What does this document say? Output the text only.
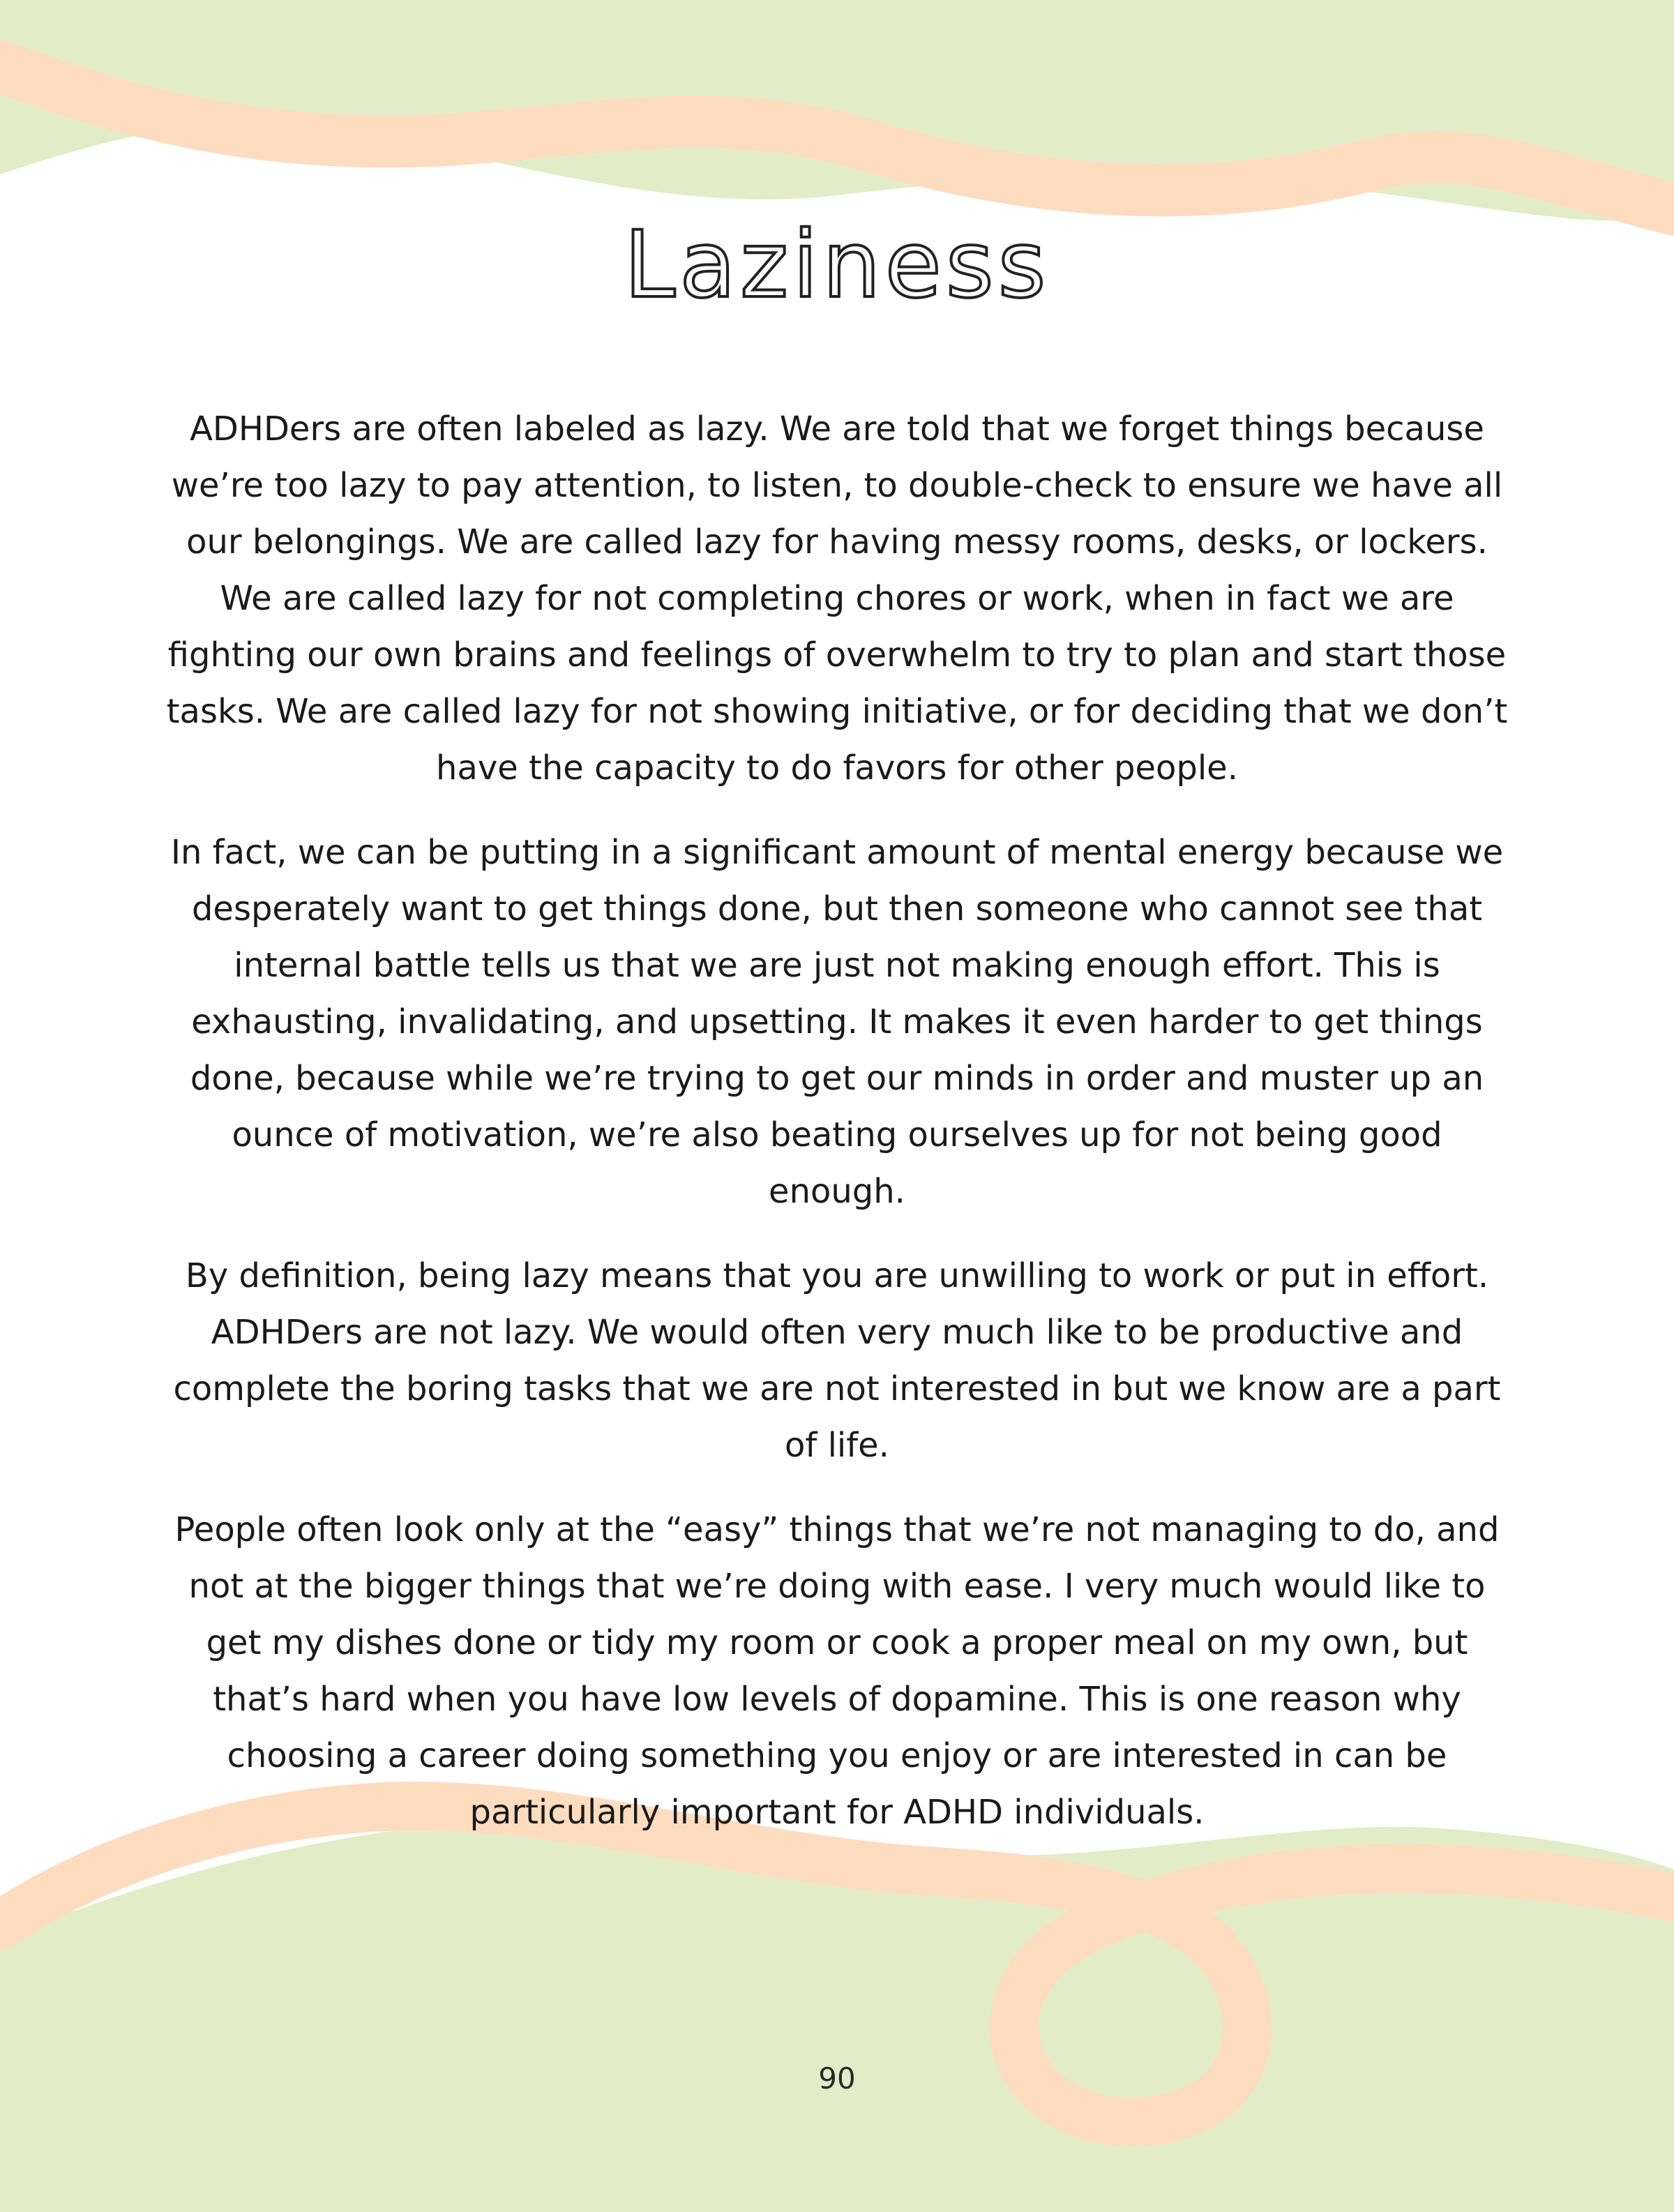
Laziness

ADHDers are often labeled as lazy. We are told that we forget things because we’re too lazy to pay attention, to listen, to double-check to ensure we have all our belongings. We are called lazy for having messy rooms, desks, or lockers. We are called lazy for not completing chores or work, when in fact we are fighting our own brains and feelings of overwhelm to try to plan and start those tasks. We are called lazy for not showing initiative, or for deciding that we don’t have the capacity to do favors for other people.

In fact, we can be putting in a significant amount of mental energy because we desperately want to get things done, but then someone who cannot see that internal battle tells us that we are just not making enough effort. This is exhausting, invalidating, and upsetting. It makes it even harder to get things done, because while we’re trying to get our minds in order and muster up an ounce of motivation, we’re also beating ourselves up for not being good enough.

By definition, being lazy means that you are unwilling to work or put in effort. ADHDers are not lazy. We would often very much like to be productive and complete the boring tasks that we are not interested in but we know are a part of life.

People often look only at the “easy” things that we’re not managing to do, and not at the bigger things that we’re doing with ease. I very much would like to get my dishes done or tidy my room or cook a proper meal on my own, but that’s hard when you have low levels of dopamine. This is one reason why choosing a career doing something you enjoy or are interested in can be particularly important for ADHD individuals.

90
